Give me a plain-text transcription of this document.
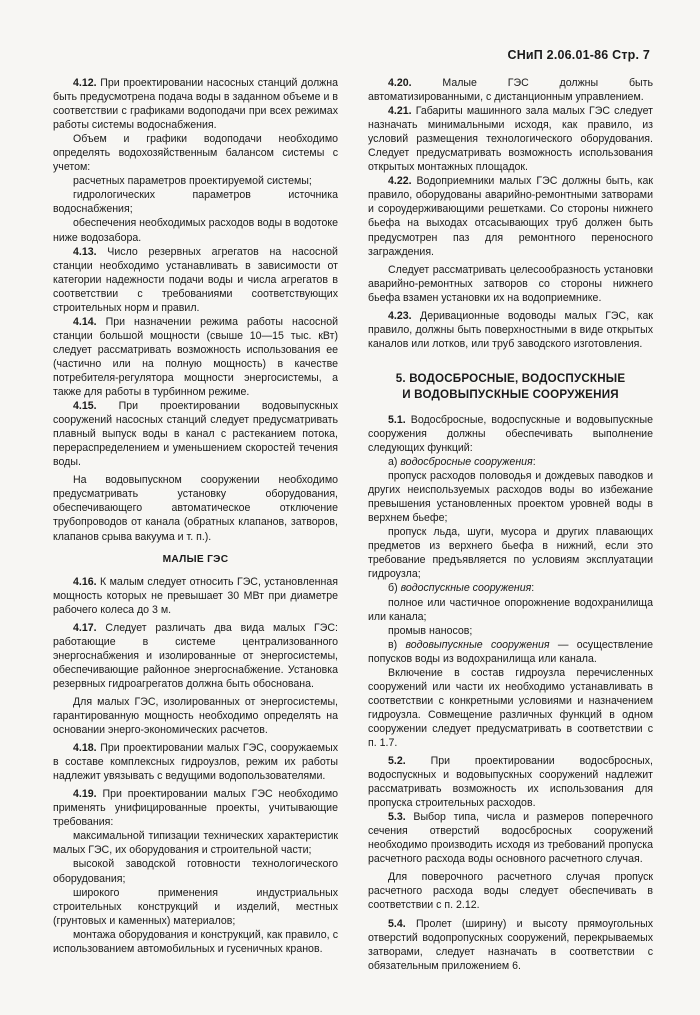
СНиП 2.06.01-86 Стр. 7

4.12. При проектировании насосных станций должна быть предусмотрена подача воды в заданном объеме и в соответствии с графиками водоподачи при всех режимах работы системы водоснабжения.

Объем и графики водоподачи необходимо определять водохозяйственным балансом системы с учетом:

расчетных параметров проектируемой системы;

гидрологических параметров источника водоснабжения;

обеспечения необходимых расходов воды в водотоке ниже водозабора.

4.13. Число резервных агрегатов на насосной станции необходимо устанавливать в зависимости от категории надежности подачи воды и числа агрегатов в соответствии с требованиями соответствующих строительных норм и правил.

4.14. При назначении режима работы насосной станции большой мощности (свыше 10—15 тыс. кВт) следует рассматривать возможность использования ее (частично или на полную мощность) в качестве потребителя-регулятора мощности энергосистемы, а также для работы в турбинном режиме.

4.15. При проектировании водовыпускных сооружений насосных станций следует предусматривать плавный выпуск воды в канал с растеканием потока, перераспределением и уменьшением скоростей течения воды.

На водовыпускном сооружении необходимо предусматривать установку оборудования, обеспечивающего автоматическое отключение трубопроводов от канала (обратных клапанов, затворов, клапанов срыва вакуума и т. п.).

МАЛЫЕ ГЭС

4.16. К малым следует относить ГЭС, установленная мощность которых не превышает 30 МВт при диаметре рабочего колеса до 3 м.

4.17. Следует различать два вида малых ГЭС: работающие в системе централизованного энергоснабжения и изолированные от энергосистемы, обеспечивающие районное энергоснабжение. Установка резервных гидроагрегатов должна быть обоснована.

Для малых ГЭС, изолированных от энергосистемы, гарантированную мощность необходимо определять на основании энерго-экономических расчетов.

4.18. При проектировании малых ГЭС, сооружаемых в составе комплексных гидроузлов, режим их работы надлежит увязывать с ведущими водопользователями.

4.19. При проектировании малых ГЭС необходимо применять унифицированные проекты, учитывающие требования:

максимальной типизации технических характеристик малых ГЭС, их оборудования и строительной части;

высокой заводской готовности технологического оборудования;

широкого применения индустриальных строительных конструкций и изделий, местных (грунтовых и каменных) материалов;

монтажа оборудования и конструкций, как правило, с использованием автомобильных и гусеничных кранов.

4.20.	Малые ГЭС должны быть автоматизированными, с дистанционным управлением.

4.21. Габариты машинного зала малых ГЭС следует назначать минимальными исходя, как правило, из условий размещения технологического оборудования. Следует предусматривать возможность использования открытых монтажных площадок.

4.22. Водоприемники малых ГЭС должны быть, как правило, оборудованы аварийно-ремонтными затворами и сороудерживающими решетками. Со стороны нижнего бьефа на выходах отсасывающих труб должен быть предусмотрен паз для ремонтного переносного заграждения.

Следует рассматривать целесообразность установки аварийно-ремонтных затворов со стороны нижнего бьефа взамен установки их на водоприемнике.

4.23. Деривационные водоводы малых ГЭС, как правило, должны быть поверхностными в виде открытых каналов или лотков, или труб заводского изготовления.

5. ВОДОСБРОСНЫЕ, ВОДОСПУСКНЫЕ
И ВОДОВЫПУСКНЫЕ СООРУЖЕНИЯ

5.1. Водосбросные, водоспускные и водовыпускные сооружения должны обеспечивать выполнение следующих функций:

а) водосбросные сооружения:

пропуск расходов половодья и дождевых паводков и других неиспользуемых расходов воды во избежание превышения установленных проектом уровней воды в верхнем бьефе;

пропуск льда, шуги, мусора и других плавающих предметов из верхнего бьефа в нижний, если это требование предъявляется по условиям эксплуатации гидроузла;

б) водоспускные сооружения:

полное или частичное опорожнение водохранилища или канала;

промыв наносов;

в) водовыпускные сооружения — осуществление попусков воды из водохранилища или канала.

Включение в состав гидроузла перечисленных сооружений или части их необходимо устанавливать в соответствии с конкретными условиями и назначением гидроузла. Совмещение различных функций в одном сооружении следует предусматривать в соответствии с п. 1.7.

5.2. При проектировании водосбросных, водоспускных и водовыпускных сооружений надлежит рассматривать возможность их использования для пропуска строительных расходов.

5.3. Выбор типа, числа и размеров поперечного сечения отверстий водосбросных сооружений необходимо производить исходя из требований пропуска расчетного расхода воды основного расчетного случая.

Для поверочного расчетного случая пропуск расчетного расхода воды следует обеспечивать в соответствии с п. 2.12.

5.4. Пролет (ширину) и высоту прямоугольных отверстий водопропускных сооружений, перекрываемых затворами, следует назначать в соответствии с обязательным приложением 6.
